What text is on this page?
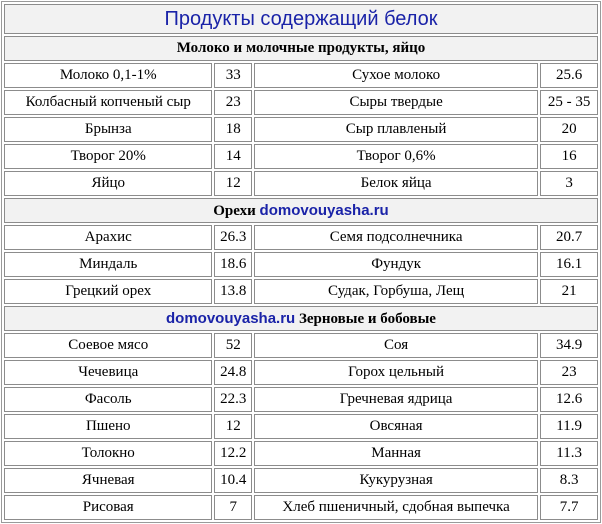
Продукты содержащий белок			
Молоко и молочные продукты, яйцо			
Молоко 0,1-1%	33	Сухое молоко	25.6
Колбасный копченый сыр	23	Сыры твердые	25 - 35
Брынза	18	Сыр плавленый	20
Творог 20%	14	Творог 0,6%	16
Яйцо	12	Белок яйца	3
Орехи domovouyasha.ru			
Арахис	26.3	Семя подсолнечника	20.7
Миндаль	18.6	Фундук	16.1
Грецкий орех	13.8	Судак, Горбуша, Лещ	21
domovouyasha.ru Зерновые и бобовые			
Соевое мясо	52	Соя	34.9
Чечевица	24.8	Горох цельный	23
Фасоль	22.3	Гречневая ядрица	12.6
Пшено	12	Овсяная	11.9
Толокно	12.2	Манная	11.3
Ячневая	10.4	Кукурузная	8.3
Рисовая	7	Хлеб пшеничный, сдобная выпечка	7.7
